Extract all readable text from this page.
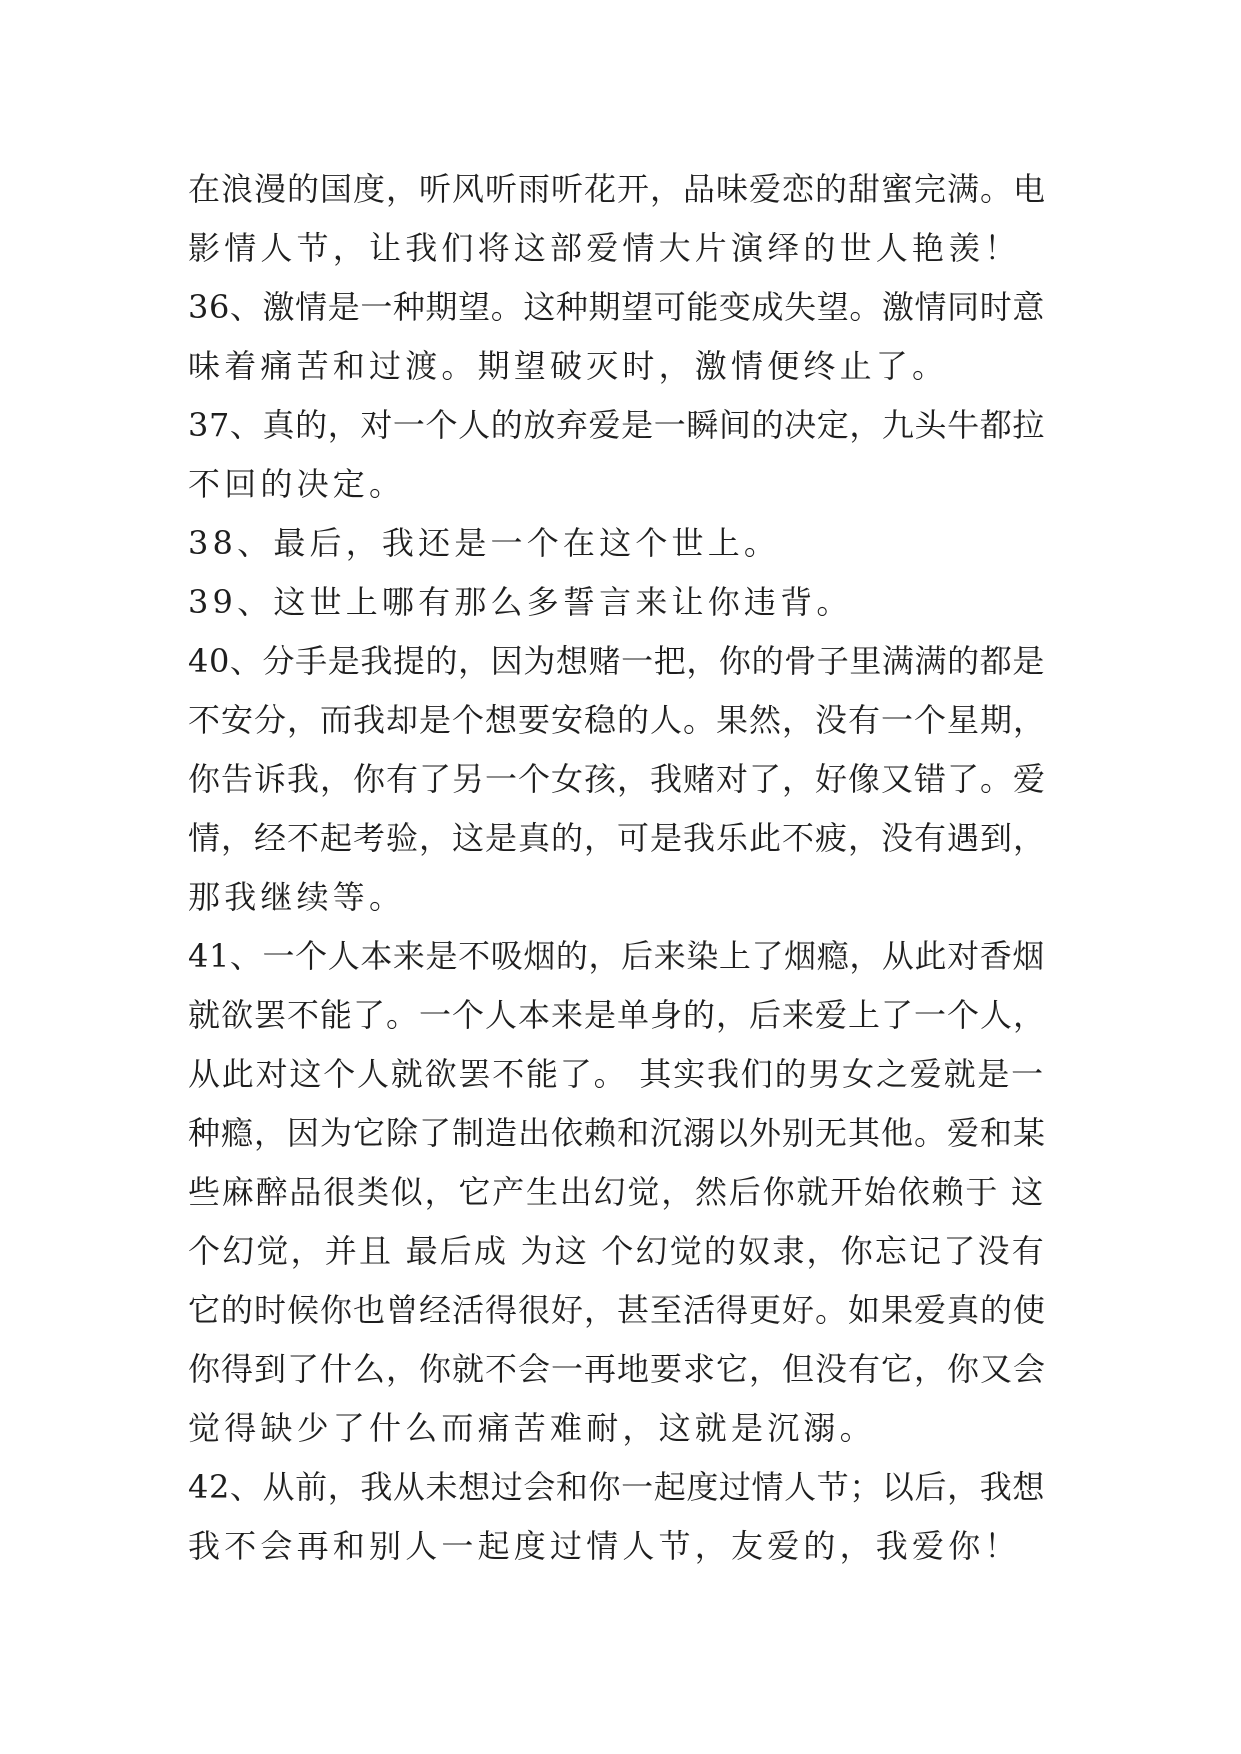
在浪漫的国度，听风听雨听花开，品味爱恋的甜蜜完满。电
影情人节，让我们将这部爱情大片演绎的世人艳羡！
36、激情是一种期望。这种期望可能变成失望。激情同时意
味着痛苦和过渡。期望破灭时，激情便终止了。
37、真的，对一个人的放弃爱是一瞬间的决定，九头牛都拉
不回的决定。
38、最后，我还是一个在这个世上。
39、这世上哪有那么多誓言来让你违背。
40、分手是我提的，因为想赌一把，你的骨子里满满的都是
不安分，而我却是个想要安稳的人。果然，没有一个星期，
你告诉我，你有了另一个女孩，我赌对了，好像又错了。爱
情，经不起考验，这是真的，可是我乐此不疲，没有遇到，
那我继续等。
41、一个人本来是不吸烟的，后来染上了烟瘾，从此对香烟
就欲罢不能了。一个人本来是单身的，后来爱上了一个人，
从此对这个人就欲罢不能了。 其实我们的男女之爱就是一
种瘾，因为它除了制造出依赖和沉溺以外别无其他。爱和某
些麻醉品很类似，它产生出幻觉，然后你就开始依赖于 这
个幻觉，并且 最后成 为这 个幻觉的奴隶，你忘记了没有
它的时候你也曾经活得很好，甚至活得更好。如果爱真的使
你得到了什么，你就不会一再地要求它，但没有它，你又会
觉得缺少了什么而痛苦难耐，这就是沉溺。
42、从前，我从未想过会和你一起度过情人节；以后，我想
我不会再和别人一起度过情人节，友爱的，我爱你！
